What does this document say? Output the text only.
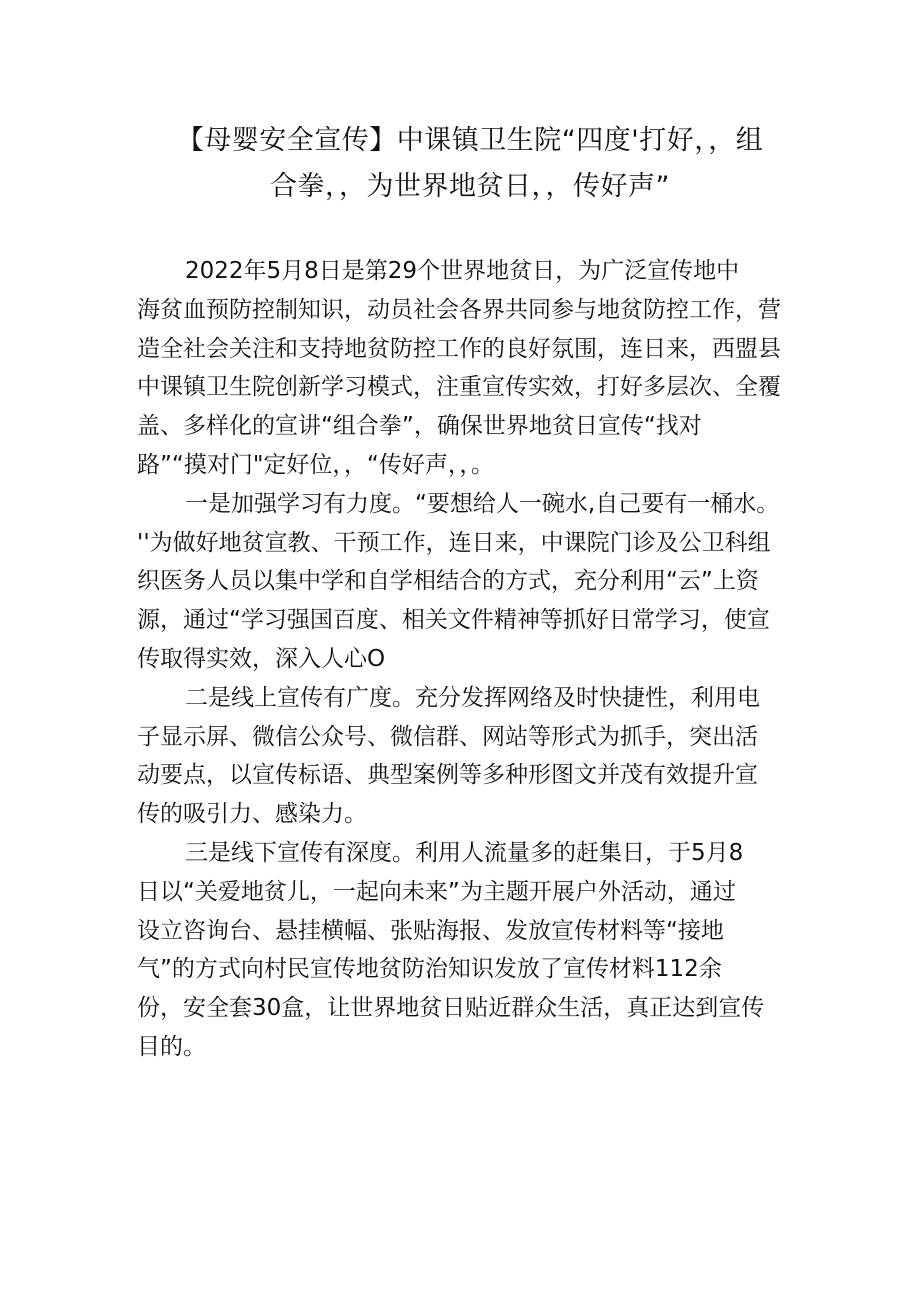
【母婴安全宣传】中课镇卫生院“四度'打好，，组
合拳，，为世界地贫日，，传好声”
2022年5月8日是第29个世界地贫日，为广泛宣传地中
海贫血预防控制知识，动员社会各界共同参与地贫防控工作，营
造全社会关注和支持地贫防控工作的良好氛围，连日来，西盟县
中课镇卫生院创新学习模式，注重宣传实效，打好多层次、全覆
盖、多样化的宣讲“组合拳”，确保世界地贫日宣传“找对
路”“摸对门"定好位，，“传好声，，。
一是加强学习有力度。“要想给人一碗水,自己要有一桶水。
''为做好地贫宣教、干预工作，连日来，中课院门诊及公卫科组
织医务人员以集中学和自学相结合的方式，充分利用“云”上资
源，通过“学习强国百度、相关文件精神等抓好日常学习，使宣
传取得实效，深入人心O
二是线上宣传有广度。充分发挥网络及时快捷性，利用电
子显示屏、微信公众号、微信群、网站等形式为抓手，突出活
动要点，以宣传标语、典型案例等多种形图文并茂有效提升宣
传的吸引力、感染力。
三是线下宣传有深度。利用人流量多的赶集日，于5月8
日以“关爱地贫儿，一起向未来”为主题开展户外活动，通过
设立咨询台、悬挂横幅、张贴海报、发放宣传材料等“接地
气”的方式向村民宣传地贫防治知识发放了宣传材料112余
份，安全套30盒，让世界地贫日贴近群众生活，真正达到宣传
目的。
